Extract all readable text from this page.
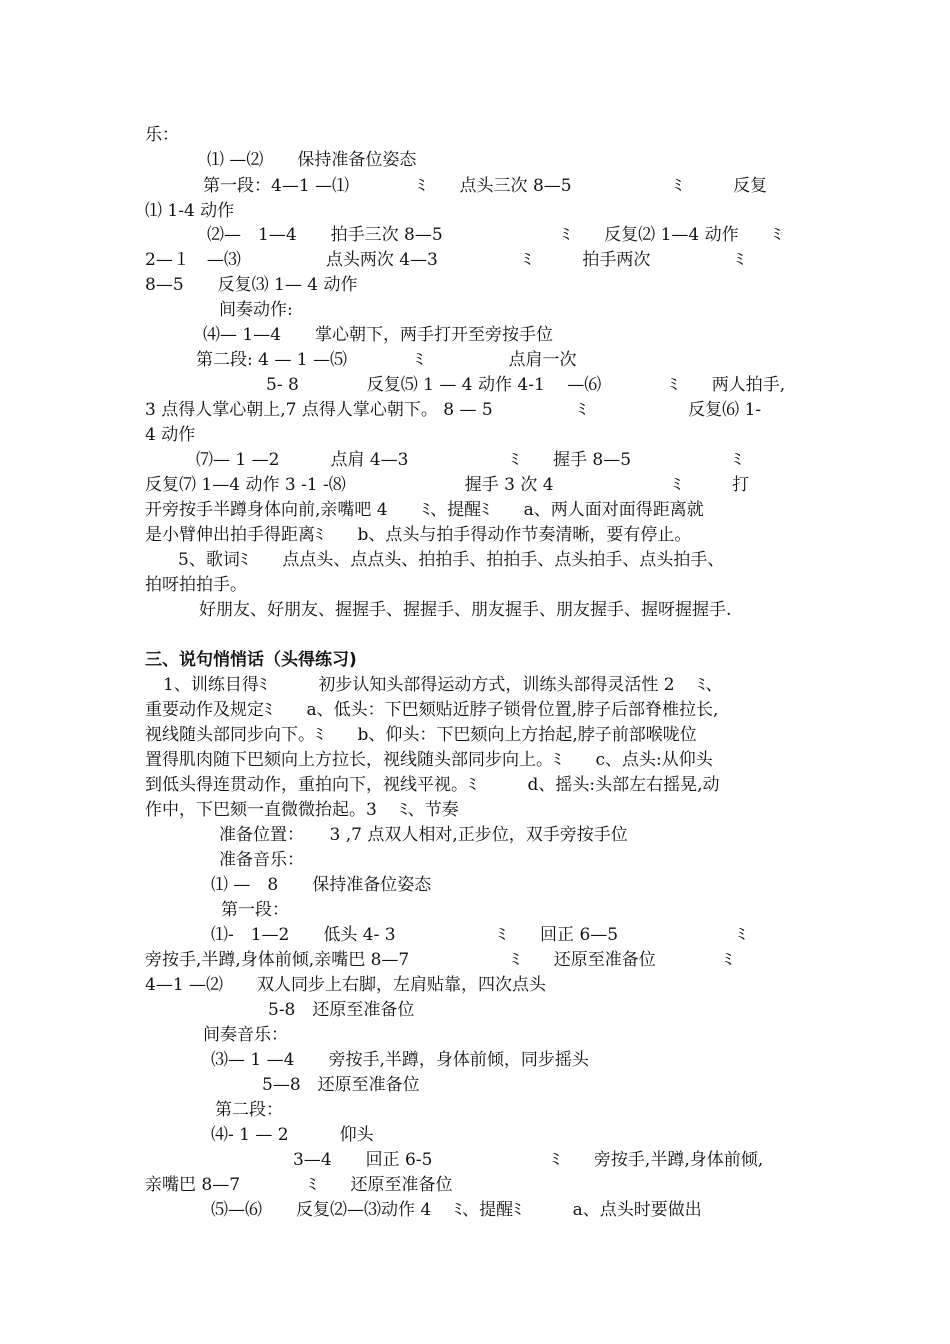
乐：
⑴ —⑵　　保持准备位姿态
第一段：4—1 —⑴　　　　ﾐ　　点头三次 8—5　　　　　　ﾐ　　　反复
⑴ 1-4 动作
⑵—　1—4　　拍手三次 8—5　　　　　　　ﾐ　　反复⑵ 1—4 动作　　ﾐ
2—１　—⑶　　　　　点头两次 4—3　　　　　ﾐ　　　拍手两次　　　　　ﾐ
8—5　　反复⑶ 1— 4 动作
间奏动作:
⑷— 1—4　　掌心朝下，两手打开至旁按手位
第二段: 4 — 1 —⑸　　　　ﾐ　　　　　点肩一次
5- 8　　　　反复⑸ 1 — 4 动作 4-1　 —⑹　　　　ﾐ　　两人拍手,
3 点得人掌心朝上,7 点得人掌心朝下。 8 — 5　　　　　ﾐ　　　　　　反复⑹ 1-
4 动作
⑺— 1 —2　　　点肩 4—3　　　　　　ﾐ　　握手 8—5　　　　　　ﾐ
反复⑺ 1—4 动作 3 -1 -⑻　　　　　　　握手 3 次 4　　　　　　　ﾐ　　　打
开旁按手半蹲身体向前,亲嘴吧 4　　ﾐ、提醒ﾐ　　a、两人面对面得距离就
是小臂伸出拍手得距离ﾐ　　b、点头与拍手得动作节奏清晰，要有停止。
5、歌词ﾐ　　点点头、点点头、拍拍手、拍拍手、点头拍手、点头拍手、
拍呀拍拍手。
好朋友、好朋友、握握手、握握手、朋友握手、朋友握手、握呀握握手.
三、说句悄悄话（头得练习)
1、训练目得ﾐ　　　初步认知头部得运动方式，训练头部得灵活性 2　 ﾐ、
重要动作及规定ﾐ　　a、低头：下巴颏贴近脖子锁骨位置,脖子后部脊椎拉长,
视线随头部同步向下。ﾐ　　b、仰头：下巴颏向上方抬起,脖子前部喉咙位
置得肌肉随下巴颏向上方拉长，视线随头部同步向上。ﾐ　　c、点头:从仰头
到低头得连贯动作，重拍向下，视线平视。ﾐ　　　d、摇头:头部左右摇晃,动
作中，下巴颏一直微微抬起。3　 ﾐ、节奏
准备位置：　　3 ,7 点双人相对,正步位，双手旁按手位
准备音乐：
⑴ —　8　　保持准备位姿态
第一段：
⑴-　1—2　　低头 4- 3　　　　　　ﾐ　　回正 6—5　　　　　　　ﾐ
旁按手,半蹲,身体前倾,亲嘴巴 8—7　　　　　　ﾐ　　还原至准备位　　　　ﾐ
4—1 —⑵　　双人同步上右脚，左肩贴靠，四次点头
5-8　还原至准备位
间奏音乐：
⑶— 1 —4　　旁按手,半蹲，身体前倾，同步摇头
5—8　还原至准备位
第二段：
⑷- 1 — 2　　　仰头
3—4　　回正 6-5　　　　　　　ﾐ　　旁按手,半蹲,身体前倾,
亲嘴巴 8—7　　　　ﾐ　　还原至准备位
⑸—⑹　　反复⑵—⑶动作 4　 ﾐ、提醒ﾐ　　　a、点头时要做出
